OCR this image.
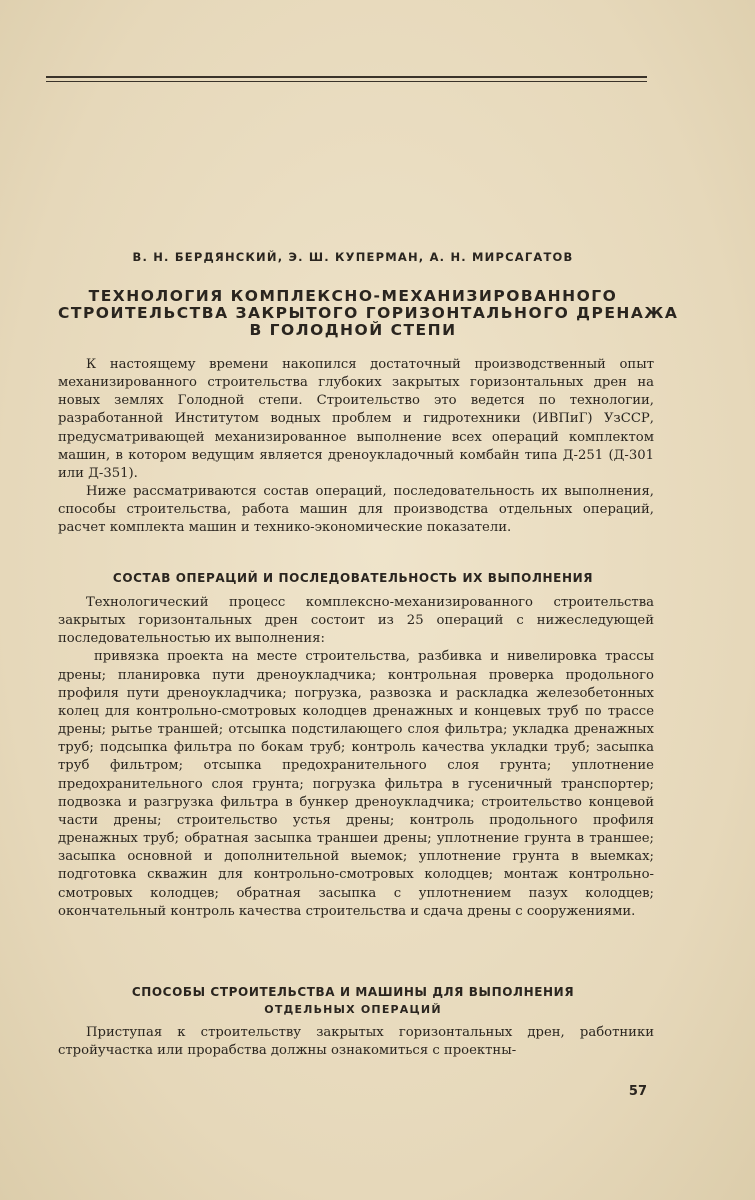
В. Н. БЕРДЯНСКИЙ, Э. Ш. КУПЕРМАН, А. Н. МИРСАГАТОВ
ТЕХНОЛОГИЯ КОМПЛЕКСНО-МЕХАНИЗИРОВАННОГО
СТРОИТЕЛЬСТВА ЗАКРЫТОГО ГОРИЗОНТАЛЬНОГО ДРЕНАЖА
В ГОЛОДНОЙ СТЕПИ

К настоящему времени накопился достаточный производственный опыт механизированного строительства глубоких закрытых горизонтальных дрен на новых землях Голодной степи. Строительство это ведется по технологии, разработанной Институтом водных проблем и гидротехники (ИВПиГ) УзССР, предусматривающей механизированное выполнение всех операций комплектом машин, в котором ведущим является дреноукладочный комбайн типа Д-251 (Д-301 или Д-351).

Ниже рассматриваются состав операций, последовательность их выполнения, способы строительства, работа машин для производства отдельных операций, расчет комплекта машин и технико-экономические показатели.

СОСТАВ ОПЕРАЦИЙ И ПОСЛЕДОВАТЕЛЬНОСТЬ ИХ ВЫПОЛНЕНИЯ

Технологический процесс комплексно-механизированного строительства закрытых горизонтальных дрен состоит из 25 операций с нижеследующей последовательностью их выполнения:

привязка проекта на месте строительства, разбивка и нивелировка трассы дрены; планировка пути дреноукладчика; контрольная проверка продольного профиля пути дреноукладчика; погрузка, развозка и раскладка железобетонных колец для контрольно-смотровых колодцев дренажных и концевых труб по трассе дрены; рытье траншей; отсыпка подстилающего слоя фильтра; укладка дренажных труб; подсыпка фильтра по бокам труб; контроль качества укладки труб; засыпка труб фильтром; отсыпка предохранительного слоя грунта; уплотнение предохранительного слоя грунта; погрузка фильтра в гусеничный транспортер; подвозка и разгрузка фильтра в бункер дреноукладчика; строительство концевой части дрены; строительство устья дрены; контроль продольного профиля дренажных труб; обратная засыпка траншеи дрены; уплотнение грунта в траншее; засыпка основной и дополнительной выемок; уплотнение грунта в выемках; подготовка скважин для контрольно-смотровых колодцев; монтаж контрольно-смотровых колодцев; обратная засыпка с уплотнением пазух колодцев; окончательный контроль качества строительства и сдача дрены с сооружениями.

СПОСОБЫ СТРОИТЕЛЬСТВА И МАШИНЫ ДЛЯ ВЫПОЛНЕНИЯ
ОТДЕЛЬНЫХ ОПЕРАЦИЙ

Приступая к строительству закрытых горизонтальных дрен, работники стройучастка или прорабства должны ознакомиться с проектны-

57
